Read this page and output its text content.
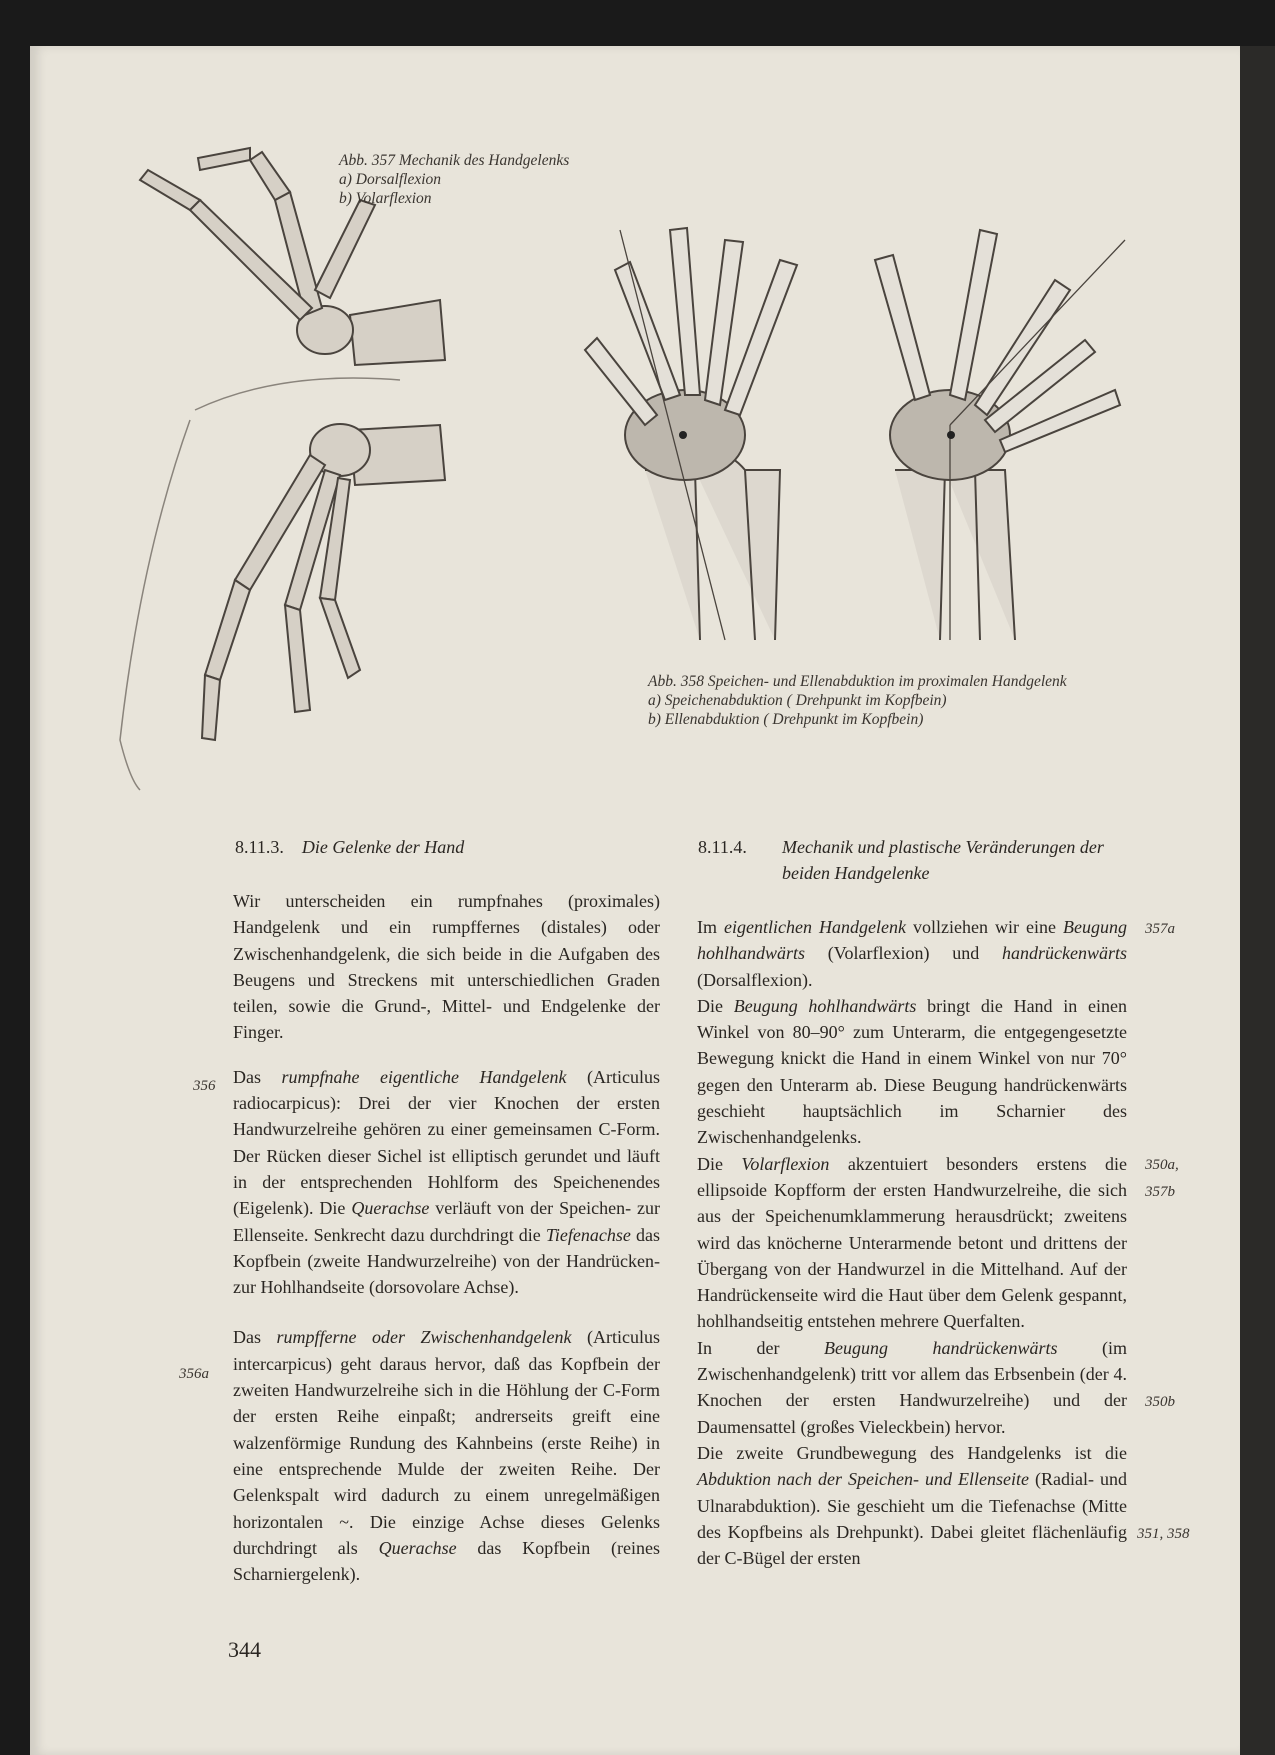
Abb. 357 Mechanik des Handgelenks
a) Dorsalflexion
b) Volarflexion
Abb. 358 Speichen- und Ellenabduktion im proximalen Handgelenk
a) Speichenabduktion ( Drehpunkt im Kopfbein)
b) Ellenabduktion ( Drehpunkt im Kopfbein)
8.11.3. Die Gelenke der Hand

Wir unterscheiden ein rumpfnahes (proximales) Handgelenk und ein rumpffernes (distales) oder Zwischenhandgelenk, die sich beide in die Aufgaben des Beugens und Streckens mit unterschiedlichen Graden teilen, sowie die Grund-, Mittel- und Endgelenke der Finger.

Das rumpfnahe eigentliche Handgelenk (Articulus radiocarpicus): Drei der vier Knochen der ersten Handwurzelreihe gehören zu einer gemeinsamen C-Form. Der Rücken dieser Sichel ist elliptisch gerundet und läuft in der entsprechenden Hohlform des Speichenendes (Eigelenk). Die Querachse verläuft von der Speichen- zur Ellenseite. Senkrecht dazu durchdringt die Tiefenachse das Kopfbein (zweite Handwurzelreihe) von der Handrücken- zur Hohlhandseite (dorsovolare Achse).

Das rumpfferne oder Zwischenhandgelenk (Articulus intercarpicus) geht daraus hervor, daß das Kopfbein der zweiten Handwurzelreihe sich in die Höhlung der C-Form der ersten Reihe einpaßt; andrerseits greift eine walzenförmige Rundung des Kahnbeins (erste Reihe) in eine entsprechende Mulde der zweiten Reihe. Der Gelenkspalt wird dadurch zu einem unregelmäßigen horizontalen ~. Die einzige Achse dieses Gelenks durchdringt als Querachse das Kopfbein (reines Scharniergelenk).

356
356a
344
8.11.4.	Mechanik und plastische Veränderungen der beiden Handgelenke

Im eigentlichen Handgelenk vollziehen wir eine Beugung hohlhandwärts (Volarflexion) und handrückenwärts (Dorsalflexion).

Die Beugung hohlhandwärts bringt die Hand in einen Winkel von 80–90° zum Unterarm, die entgegengesetzte Bewegung knickt die Hand in einem Winkel von nur 70° gegen den Unterarm ab. Diese Beugung handrückenwärts geschieht hauptsächlich im Scharnier des Zwischenhandgelenks.

Die Volarflexion akzentuiert besonders erstens die ellipsoide Kopfform der ersten Handwurzelreihe, die sich aus der Speichenumklammerung herausdrückt; zweitens wird das knöcherne Unterarmende betont und drittens der Übergang von der Handwurzel in die Mittelhand. Auf der Handrückenseite wird die Haut über dem Gelenk gespannt, hohlhandseitig entstehen mehrere Querfalten.

In der Beugung handrückenwärts (im Zwischenhandgelenk) tritt vor allem das Erbsenbein (der 4. Knochen der ersten Handwurzelreihe) und der Daumensattel (großes Vieleckbein) hervor.

Die zweite Grundbewegung des Handgelenks ist die Abduktion nach der Speichen- und Ellenseite (Radial- und Ulnarabduktion). Sie geschieht um die Tiefenachse (Mitte des Kopfbeins als Drehpunkt). Dabei gleitet flächenläufig der C-Bügel der ersten

357a
350a,
357b
350b
351, 358
